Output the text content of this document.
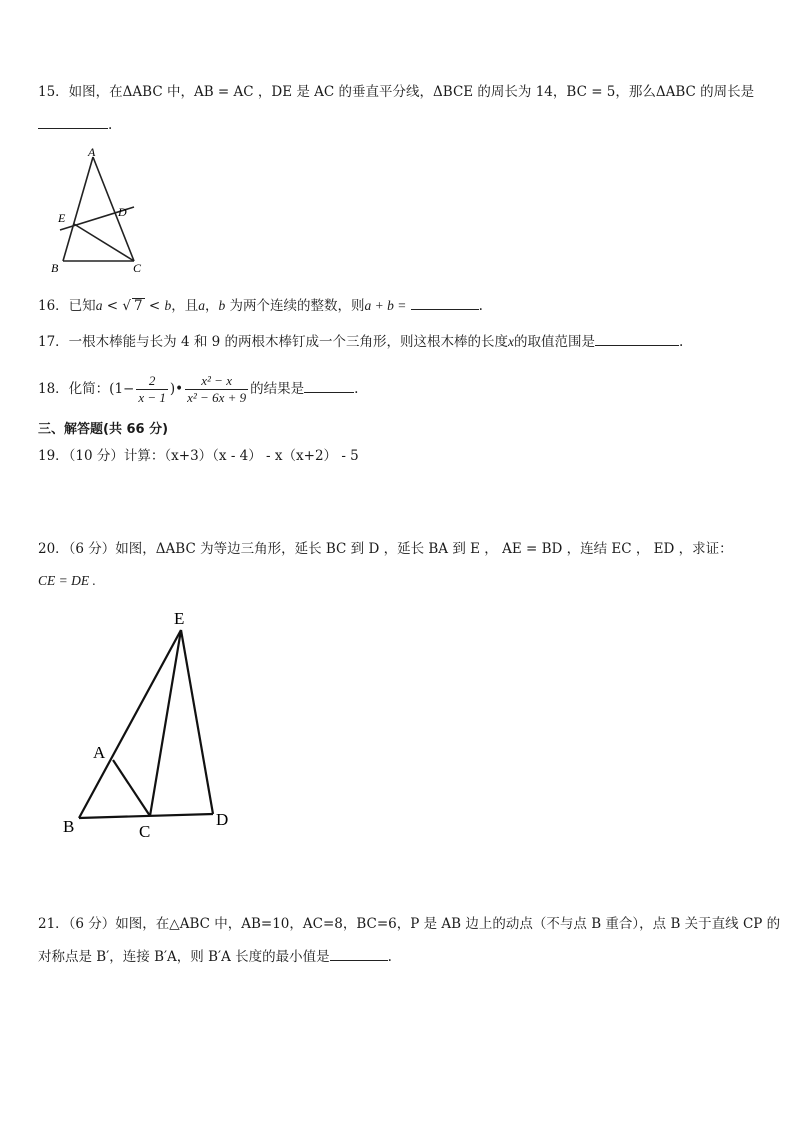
15．如图，在ΔABC 中，AB = AC ，DE 是 AC 的垂直平分线，ΔBCE 的周长为 14，BC = 5，那么ΔABC 的周长是
.
A
E	D
B	C
16．已知a < √ 7 < b，且a，b 为两个连续的整数，则a + b =	.
17．一根木棒能与长为 4 和 9 的两根木棒钉成一个三角形，则这根木棒的长度x的取值范围是	.
18．化简：($1- \frac{2}{x - 1}$ )• $\frac{\text{x² − x}}{\text{x² − 6x + 9}}$ 的结果是	.
三、解答题(共 66 分)
19．（10 分）计算：（x+3）（x - 4） - x（x+2） - 5
20．（6 分）如图，ΔABC 为等边三角形，延长 BC 到 D ，延长 BA 到 E ， AE = BD ，连结 EC ， ED ，求证：
CE = DE .
E
A
B	C
D
21．（6 分）如图，在△ABC 中，AB=10，AC=8，BC=6，P 是 AB 边上的动点（不与点 B 重合），点 B 关于直线 CP 的
对称点是 B′，连接 B′A，则 B′A 长度的最小值是	.
